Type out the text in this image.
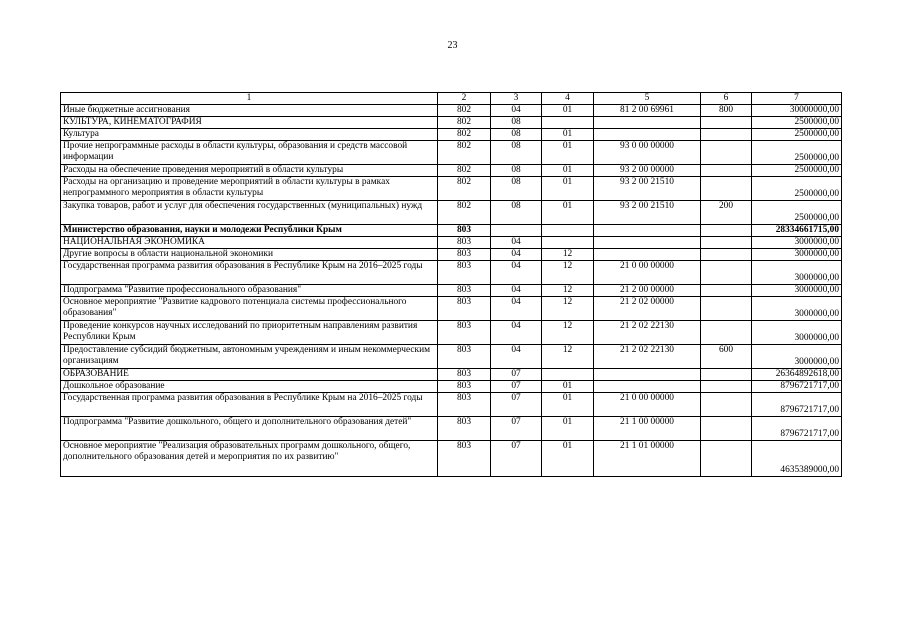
23
1	2	3	4	5	6	7
Иные бюджетные ассигнования	802	04	01	81 2 00 69961	800	30000000,00
КУЛЬТУРА, КИНЕМАТОГРАФИЯ	802	08				2500000,00
Культура	802	08	01			2500000,00
Прочие непрограммные расходы в области культуры, образования и средств массовой информации	802	08	01	93 0 00 00000		2500000,00
Расходы на обеспечение проведения мероприятий в области культуры	802	08	01	93 2 00 00000		2500000,00
Расходы на организацию и проведение мероприятий в области культуры в рамках непрограммного мероприятия в области культуры	802	08	01	93 2 00 21510		2500000,00
Закупка товаров, работ и услуг для обеспечения государственных (муниципальных) нужд	802	08	01	93 2 00 21510	200	2500000,00
Министерство образования, науки и молодежи Республики Крым	803					28334661715,00
НАЦИОНАЛЬНАЯ ЭКОНОМИКА	803	04				3000000,00
Другие вопросы в области национальной экономики	803	04	12			3000000,00
Государственная программа развития образования в Республике Крым на 2016–2025 годы	803	04	12	21 0 00 00000		3000000,00
Подпрограмма "Развитие профессионального образования"	803	04	12	21 2 00 00000		3000000,00
Основное мероприятие "Развитие кадрового потенциала системы профессионального образования"	803	04	12	21 2 02 00000		3000000,00
Проведение конкурсов научных исследований по приоритетным направлениям развития Республики Крым	803	04	12	21 2 02 22130		3000000,00
Предоставление субсидий бюджетным, автономным учреждениям и иным некоммерческим организациям	803	04	12	21 2 02 22130	600	3000000,00
ОБРАЗОВАНИЕ	803	07				26364892618,00
Дошкольное образование	803	07	01			8796721717,00
Государственная программа развития образования в Республике Крым на 2016–2025 годы	803	07	01	21 0 00 00000		8796721717,00
Подпрограмма "Развитие дошкольного, общего и дополнительного образования детей"	803	07	01	21 1 00 00000		8796721717,00
Основное мероприятие "Реализация образовательных программ дошкольного, общего, дополнительного образования детей и мероприятия по их развитию"	803	07	01	21 1 01 00000		4635389000,00
